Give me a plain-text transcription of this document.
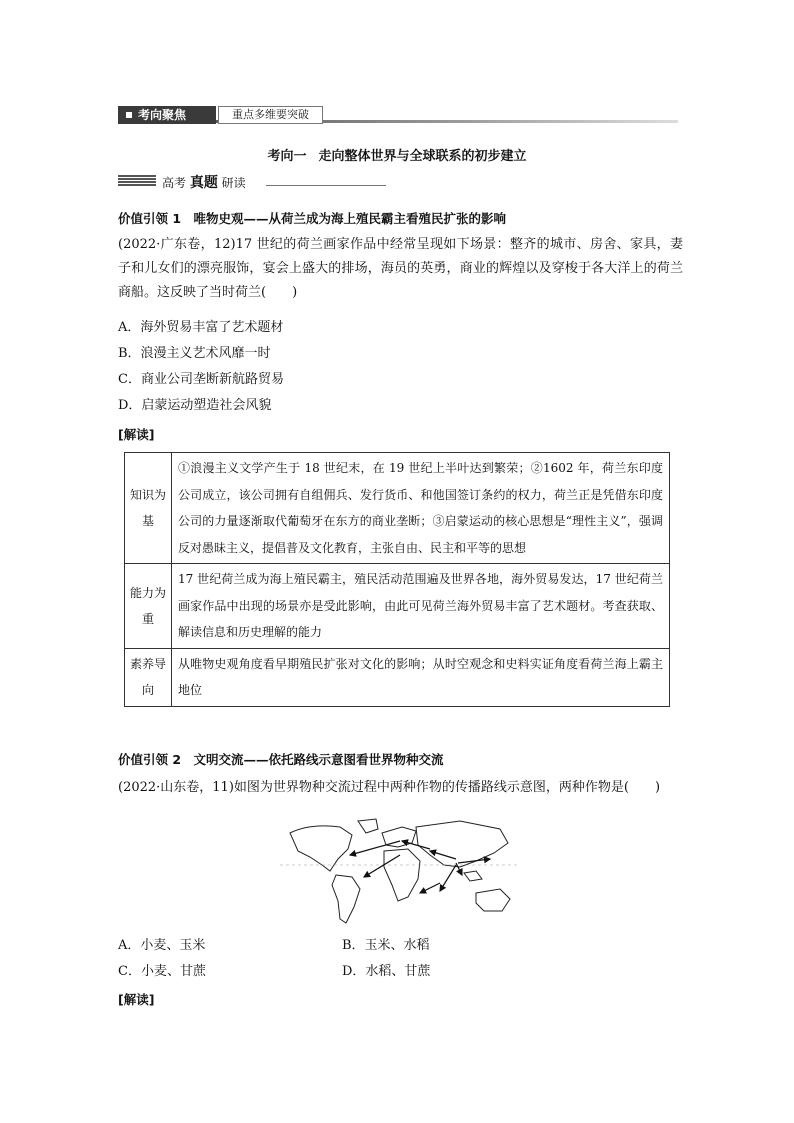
考向聚焦	重点多维要突破
考向一 走向整体世界与全球联系的初步建立
高考 真题 研读
价值引领 1　唯物史观——从荷兰成为海上殖民霸主看殖民扩张的影响
(2022·广东卷，12)17 世纪的荷兰画家作品中经常呈现如下场景：整齐的城市、房舍、家具，妻子和儿女们的漂亮服饰，宴会上盛大的排场，海员的英勇，商业的辉煌以及穿梭于各大洋上的荷兰商船。这反映了当时荷兰(　　)
A．海外贸易丰富了艺术题材
B．浪漫主义艺术风靡一时
C．商业公司垄断新航路贸易
D．启蒙运动塑造社会风貌
[解读]
知识为基	①浪漫主义文学产生于 18 世纪末，在 19 世纪上半叶达到繁荣；②1602 年，荷兰东印度公司成立，该公司拥有自组佣兵、发行货币、和他国签订条约的权力，荷兰正是凭借东印度公司的力量逐渐取代葡萄牙在东方的商业垄断；③启蒙运动的核心思想是“理性主义”，强调反对愚昧主义，提倡普及文化教育，主张自由、民主和平等的思想
能力为重	17 世纪荷兰成为海上殖民霸主，殖民活动范围遍及世界各地，海外贸易发达，17 世纪荷兰画家作品中出现的场景亦是受此影响，由此可见荷兰海外贸易丰富了艺术题材。考查获取、解读信息和历史理解的能力
素养导向	从唯物史观角度看早期殖民扩张对文化的影响；从时空观念和史料实证角度看荷兰海上霸主地位
价值引领 2　文明交流——依托路线示意图看世界物种交流
(2022·山东卷，11)如图为世界物种交流过程中两种作物的传播路线示意图，两种作物是(　　)
A．小麦、玉米	B．玉米、水稻
C．小麦、甘蔗	D．水稻、甘蔗
[解读]
